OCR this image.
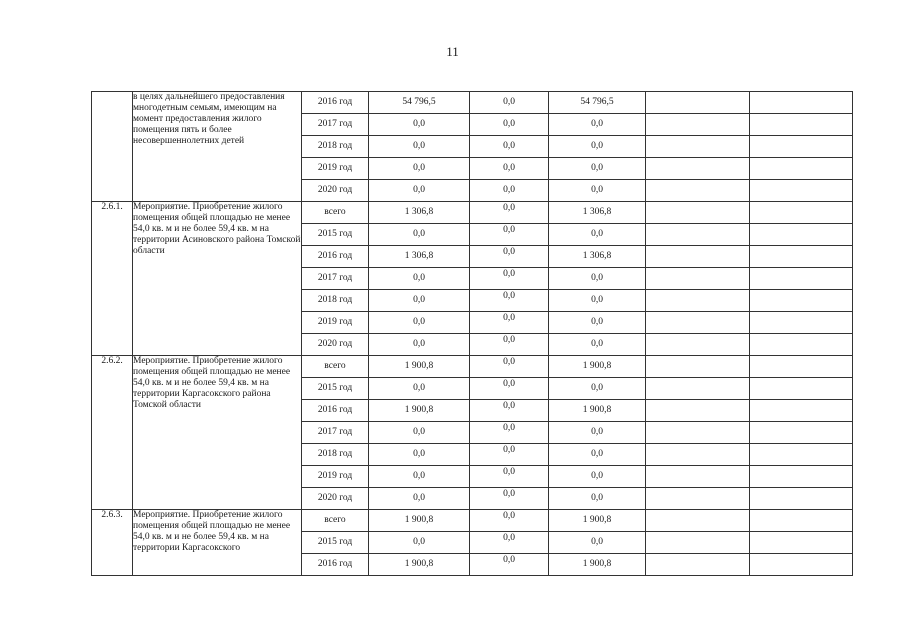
11
	в целях дальнейшего предоставления многодетным семьям, имеющим на момент предоставления жилого помещения пять и более несовершеннолетних детей	2016 год	54 796,5	0,0	54 796,5		
		2017 год	0,0	0,0	0,0		
		2018 год	0,0	0,0	0,0		
		2019 год	0,0	0,0	0,0		
		2020 год	0,0	0,0	0,0		
2.6.1.	Мероприятие. Приобретение жилого помещения общей площадью не менее 54,0 кв. м и не более 59,4 кв. м на территории Асиновского района Томской области	всего	1 306,8	0,0	1 306,8		
		2015 год	0,0	0,0	0,0		
		2016 год	1 306,8	0,0	1 306,8		
		2017 год	0,0	0,0	0,0		
		2018 год	0,0	0,0	0,0		
		2019 год	0,0	0,0	0,0		
		2020 год	0,0	0,0	0,0		
2.6.2.	Мероприятие. Приобретение жилого помещения общей площадью не менее 54,0 кв. м и не более 59,4 кв. м на территории Каргасокского района Томской области	всего	1 900,8	0,0	1 900,8		
		2015 год	0,0	0,0	0,0		
		2016 год	1 900,8	0,0	1 900,8		
		2017 год	0,0	0,0	0,0		
		2018 год	0,0	0,0	0,0		
		2019 год	0,0	0,0	0,0		
		2020 год	0,0	0,0	0,0		
2.6.3.	Мероприятие. Приобретение жилого помещения общей площадью не менее 54,0 кв. м и не более 59,4 кв. м на территории Каргасокского	всего	1 900,8	0,0	1 900,8		
		2015 год	0,0	0,0	0,0		
		2016 год	1 900,8	0,0	1 900,8		
